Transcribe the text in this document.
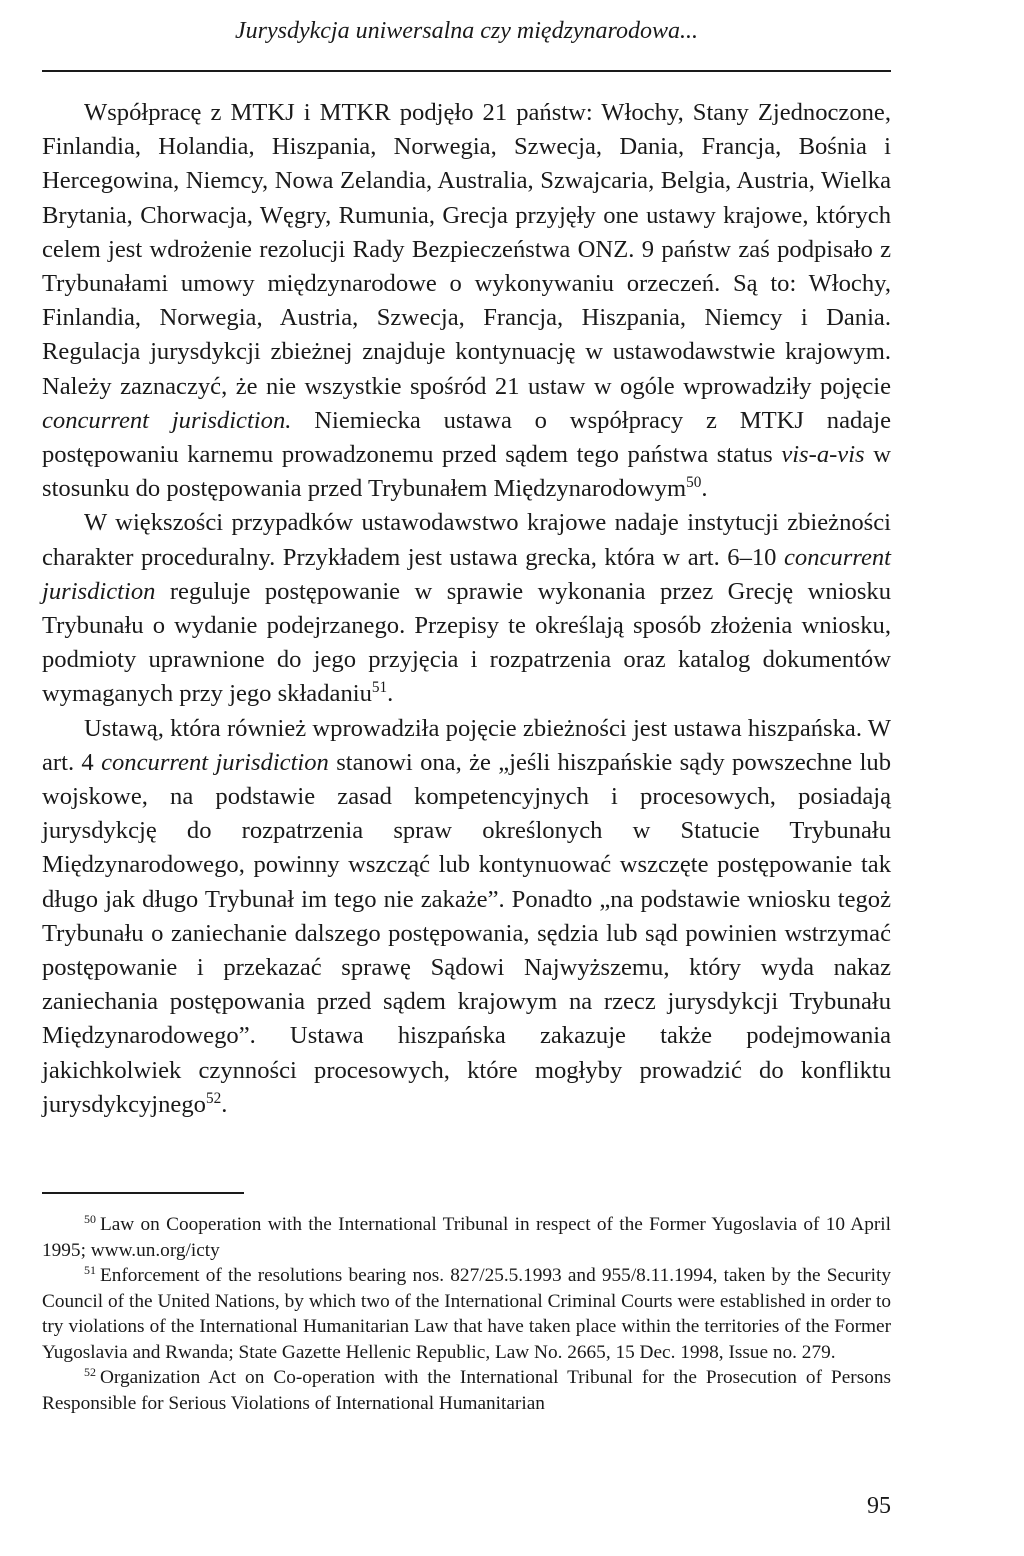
Jurysdykcja uniwersalna czy międzynarodowa...

Współpracę z MTKJ i MTKR podjęło 21 państw: Włochy, Stany Zjednoczone, Finlandia, Holandia, Hiszpania, Norwegia, Szwecja, Dania, Francja, Bośnia i Hercegowina, Niemcy, Nowa Zelandia, Australia, Szwajcaria, Belgia, Austria, Wielka Brytania, Chorwacja, Węgry, Rumunia, Grecja przyjęły one ustawy krajowe, których celem jest wdrożenie rezolucji Rady Bezpieczeństwa ONZ. 9 państw zaś podpisało z Trybunałami umowy międzynarodowe o wykonywaniu orzeczeń. Są to: Włochy, Finlandia, Norwegia, Austria, Szwecja, Francja, Hiszpania, Niemcy i Dania. Regulacja jurysdykcji zbieżnej znajduje kontynuację w ustawodawstwie krajowym. Należy zaznaczyć, że nie wszystkie spośród 21 ustaw w ogóle wprowadziły pojęcie concurrent jurisdiction. Niemiecka ustawa o współpracy z MTKJ nadaje postępowaniu karnemu prowadzonemu przed sądem tego państwa status vis-a-vis w stosunku do postępowania przed Trybunałem Międzynarodowym$^{50}$.

W większości przypadków ustawodawstwo krajowe nadaje instytucji zbieżności charakter proceduralny. Przykładem jest ustawa grecka, która w art. 6–10 concurrent jurisdiction reguluje postępowanie w sprawie wykonania przez Grecję wniosku Trybunału o wydanie podejrzanego. Przepisy te określają sposób złożenia wniosku, podmioty uprawnione do jego przyjęcia i rozpatrzenia oraz katalog dokumentów wymaganych przy jego składaniu$^{51}$.

Ustawą, która również wprowadziła pojęcie zbieżności jest ustawa hiszpańska. W art. 4 concurrent jurisdiction stanowi ona, że „jeśli hiszpańskie sądy powszechne lub wojskowe, na podstawie zasad kompetencyjnych i procesowych, posiadają jurysdykcję do rozpatrzenia spraw określonych w Statucie Trybunału Międzynarodowego, powinny wszcząć lub kontynuować wszczęte postępowanie tak długo jak długo Trybunał im tego nie zakaże”. Ponadto „na podstawie wniosku tegoż Trybunału o zaniechanie dalszego postępowania, sędzia lub sąd powinien wstrzymać postępowanie i przekazać sprawę Sądowi Najwyższemu, który wyda nakaz zaniechania postępowania przed sądem krajowym na rzecz jurysdykcji Trybunału Międzynarodowego”. Ustawa hiszpańska zakazuje także podejmowania jakichkolwiek czynności procesowych, które mogłyby prowadzić do konfliktu jurysdykcyjnego$^{52}$.

$^{50}$ Law on Cooperation with the International Tribunal in respect of the Former Yugoslavia of 10 April 1995; www.un.org/icty

$^{51}$ Enforcement of the resolutions bearing nos. 827/25.5.1993 and 955/8.11.1994, taken by the Security Council of the United Nations, by which two of the International Criminal Courts were established in order to try violations of the International Humanitarian Law that have taken place within the territories of the Former Yugoslavia and Rwanda; State Gazette Hellenic Republic, Law No. 2665, 15 Dec. 1998, Issue no. 279.

$^{52}$ Organization Act on Co-operation with the International Tribunal for the Prosecution of Persons Responsible for Serious Violations of International Humanitarian

95
